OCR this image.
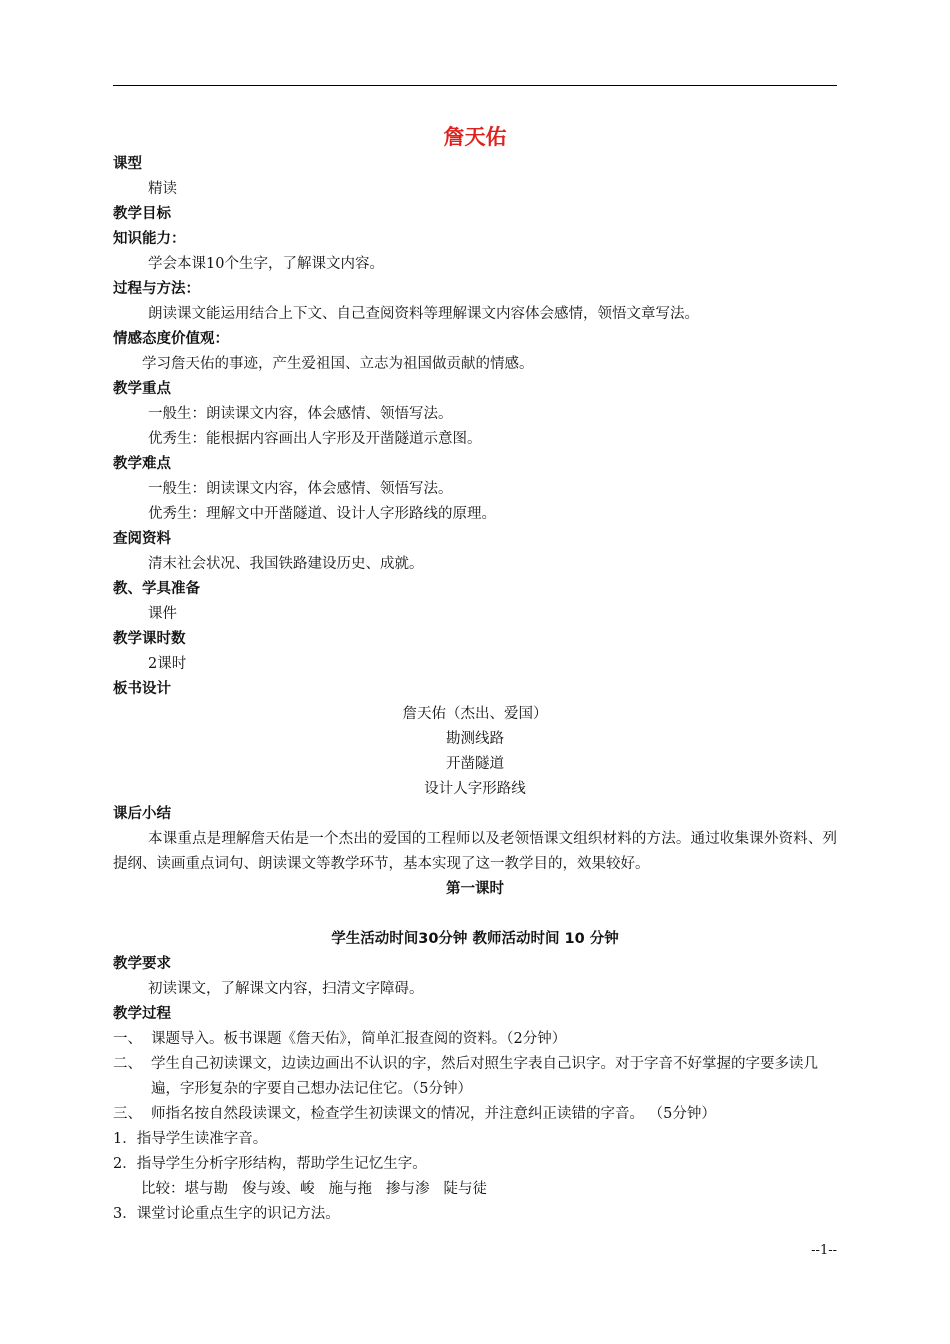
詹天佑
课型
精读
教学目标
知识能力：
学会本课10个生字，了解课文内容。
过程与方法：
朗读课文能运用结合上下文、自己查阅资料等理解课文内容体会感情，领悟文章写法。
情感态度价值观：
学习詹天佑的事迹，产生爱祖国、立志为祖国做贡献的情感。
教学重点
一般生：朗读课文内容，体会感情、领悟写法。
优秀生：能根据内容画出人字形及开凿隧道示意图。
教学难点
一般生：朗读课文内容，体会感情、领悟写法。
优秀生：理解文中开凿隧道、设计人字形路线的原理。
查阅资料
清末社会状况、我国铁路建设历史、成就。
教、学具准备
课件
教学课时数
2课时
板书设计
詹天佑（杰出、爱国）
勘测线路
开凿隧道
设计人字形路线
课后小结
本课重点是理解詹天佑是一个杰出的爱国的工程师以及老领悟课文组织材料的方法。通过收集课外资料、列提纲、读画重点词句、朗读课文等教学环节，基本实现了这一教学目的，效果较好。
第一课时
学生活动时间30分钟 教师活动时间 10 分钟
教学要求
初读课文，了解课文内容，扫清文字障碍。
教学过程
一、 课题导入。板书课题《詹天佑》，简单汇报查阅的资料。（2分钟）
二、 学生自己初读课文，边读边画出不认识的字，然后对照生字表自己识字。对于字音不好掌握的字要多读几遍，字形复杂的字要自己想办法记住它。（5分钟）
三、 师指名按自然段读课文，检查学生初读课文的情况，并注意纠正读错的字音。 （5分钟）
1．指导学生读准字音。
2．指导学生分析字形结构，帮助学生记忆生字。
比较：堪与勘 俊与竣、峻 施与拖 掺与渗 陡与徒
3．课堂讨论重点生字的识记方法。
--1--
